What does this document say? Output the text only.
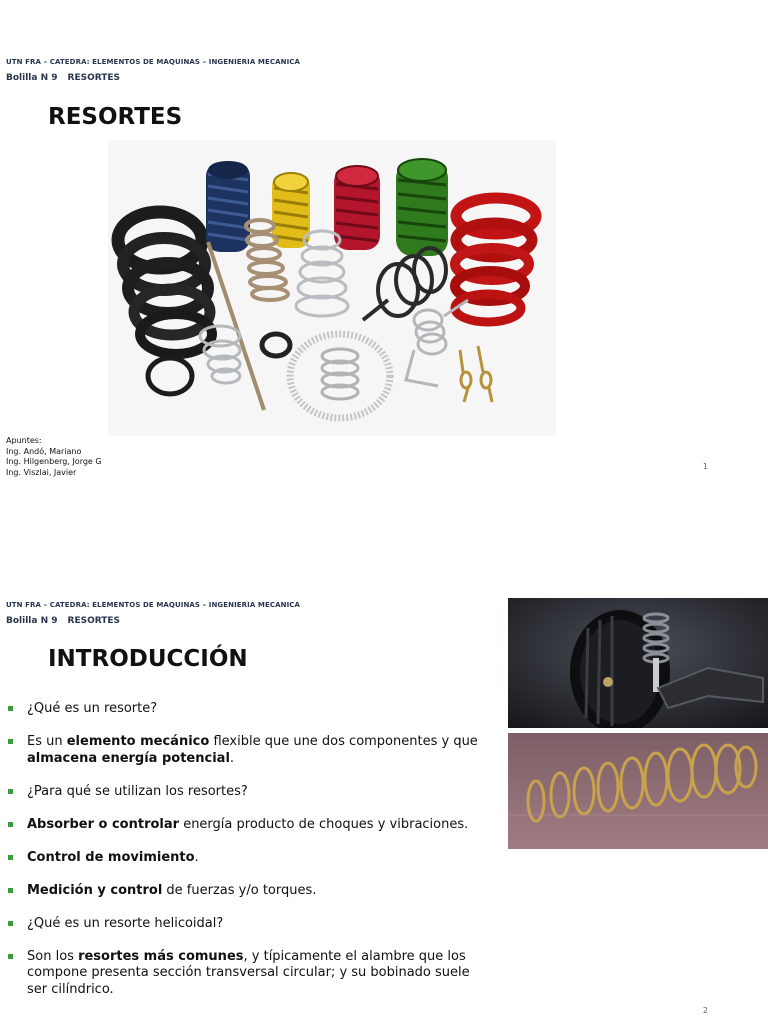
UTN FRA – CATEDRA: ELEMENTOS DE MAQUINAS – INGENIERIA MECANICA
Bolilla N 9 RESORTES
RESORTES
Apuntes:
Ing. Andó, Mariano
Ing. Hilgenberg, Jorge G
Ing. Viszlai, Javier
1
UTN FRA – CATEDRA: ELEMENTOS DE MAQUINAS – INGENIERIA MECANICA
Bolilla N 9 RESORTES
INTRODUCCIÓN
¿Qué es un resorte?
Es un elemento mecánico flexible que une dos componentes y que almacena energía potencial.
¿Para qué se utilizan los resortes?
Absorber o controlar energía producto de choques y vibraciones.
Control de movimiento.
Medición y control de fuerzas y/o torques.
¿Qué es un resorte helicoidal?
Son los resortes más comunes, y típicamente el alambre que los compone presenta sección transversal circular; y su bobinado suele ser cilíndrico.
2
